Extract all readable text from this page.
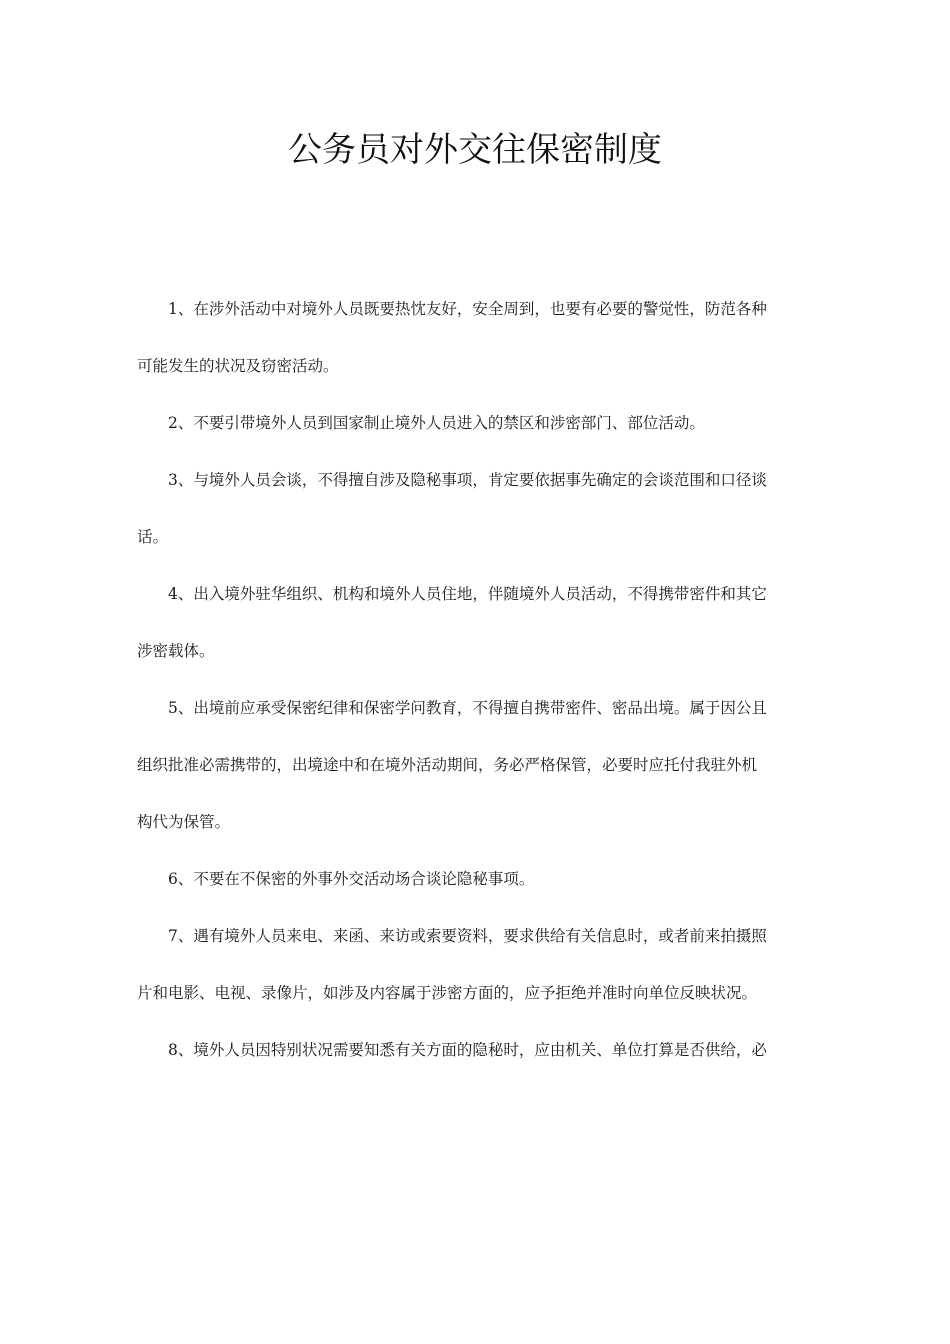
公务员对外交往保密制度
1、在涉外活动中对境外人员既要热忱友好，安全周到，也要有必要的警觉性，防范各种
可能发生的状况及窃密活动。
2、不要引带境外人员到国家制止境外人员进入的禁区和涉密部门、部位活动。
3、与境外人员会谈，不得擅自涉及隐秘事项，肯定要依据事先确定的会谈范围和口径谈
话。
4、出入境外驻华组织、机构和境外人员住地，伴随境外人员活动，不得携带密件和其它
涉密载体。
5、出境前应承受保密纪律和保密学问教育，不得擅自携带密件、密品出境。属于因公且
组织批准必需携带的，出境途中和在境外活动期间，务必严格保管，必要时应托付我驻外机
构代为保管。
6、不要在不保密的外事外交活动场合谈论隐秘事项。
7、遇有境外人员来电、来函、来访或索要资料，要求供给有关信息时，或者前来拍摄照
片和电影、电视、录像片，如涉及内容属于涉密方面的，应予拒绝并准时向单位反映状况。
8、境外人员因特别状况需要知悉有关方面的隐秘时，应由机关、单位打算是否供给，必
